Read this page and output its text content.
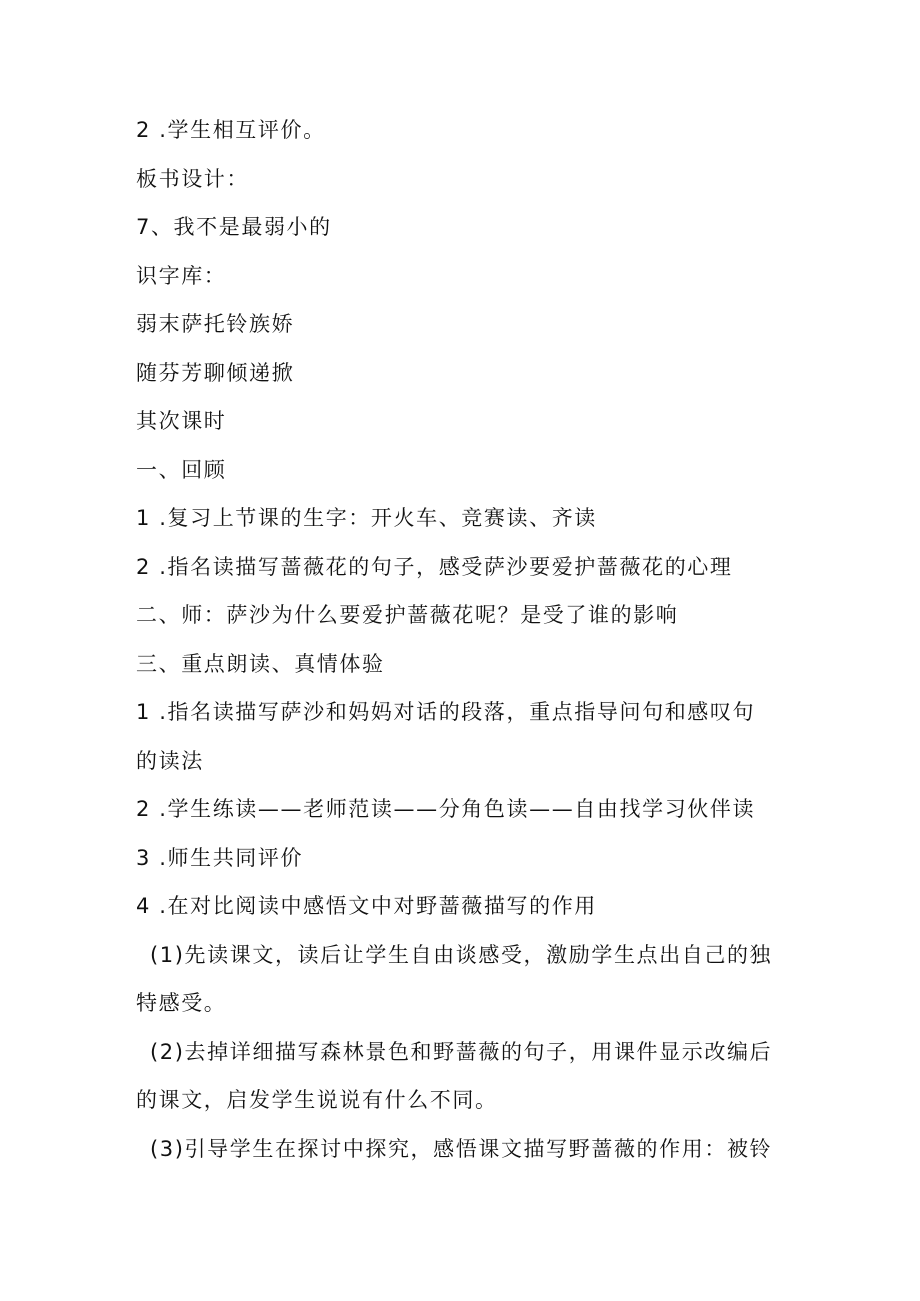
2 .学生相互评价。
板书设计：
7、我不是最弱小的
识字库：
弱末萨托铃族娇
随芬芳聊倾递掀
其次课时
一、回顾
1 .复习上节课的生字：开火车、竞赛读、齐读
2 .指名读描写蔷薇花的句子，感受萨沙要爱护蔷薇花的心理
二、师：萨沙为什么要爱护蔷薇花呢？是受了谁的影响
三、重点朗读、真情体验
1 .指名读描写萨沙和妈妈对话的段落，重点指导问句和感叹句
的读法
2 .学生练读——老师范读——分角色读——自由找学习伙伴读
3 .师生共同评价
4 .在对比阅读中感悟文中对野蔷薇描写的作用
(1)先读课文，读后让学生自由谈感受，激励学生点出自己的独
特感受。
(2)去掉详细描写森林景色和野蔷薇的句子，用课件显示改编后
的课文，启发学生说说有什么不同。
(3)引导学生在探讨中探究，感悟课文描写野蔷薇的作用：被铃
